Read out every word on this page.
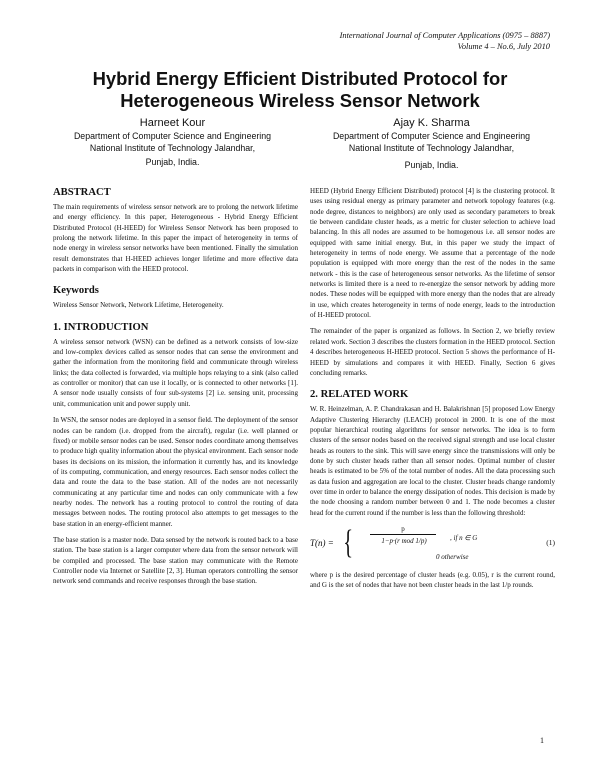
International Journal of Computer Applications (0975 – 8887)
Volume 4 – No.6, July 2010
Hybrid Energy Efficient Distributed Protocol for
Heterogeneous Wireless Sensor Network
Harneet Kour
Department of Computer Science and Engineering
National Institute of Technology Jalandhar,
Punjab, India.
Ajay K. Sharma
Department of Computer Science and Engineering
National Institute of Technology Jalandhar,
Punjab, India.
ABSTRACT

The main requirements of wireless sensor network are to prolong the network lifetime and energy efficiency. In this paper, Heterogeneous - Hybrid Energy Efficient Distributed Protocol (H-HEED) for Wireless Sensor Network has been proposed to prolong the network lifetime. In this paper the impact of heterogeneity in terms of node energy in wireless sensor networks have been mentioned. Finally the simulation result demonstrates that H-HEED achieves longer lifetime and more effective data packets in comparison with the HEED protocol.

Keywords

Wireless Sensor Network, Network Lifetime, Heterogeneity.

1. INTRODUCTION

A wireless sensor network (WSN) can be defined as a network consists of low-size and low-complex devices called as sensor nodes that can sense the environment and gather the information from the monitoring field and communicate through wireless links; the data collected is forwarded, via multiple hops relaying to a sink (also called as controller or monitor) that can use it locally, or is connected to other networks [1]. A sensor node usually consists of four sub-systems [2] i.e. sensing unit, processing unit, communication unit and power supply unit.

In WSN, the sensor nodes are deployed in a sensor field. The deployment of the sensor nodes can be random (i.e. dropped from the aircraft), regular (i.e. well planned or fixed) or mobile sensor nodes can be used. Sensor nodes coordinate among themselves to produce high quality information about the physical environment. Each sensor node bases its decisions on its mission, the information it currently has, and its knowledge of its computing, communication, and energy resources. Each sensor nodes collect the data and route the data to the base station. All of the nodes are not necessarily communicating at any particular time and nodes can only communicate with a few nearby nodes. The network has a routing protocol to control the routing of data messages between nodes. The routing protocol also attempts to get messages to the base station in an energy-efficient manner.

The base station is a master node. Data sensed by the network is routed back to a base station. The base station is a larger computer where data from the sensor network will be compiled and processed. The base station may communicate with the Remote Controller node via Internet or Satellite [2, 3]. Human operators controlling the sensor network send commands and receive responses through the base station.

HEED (Hybrid Energy Efficient Distributed) protocol [4] is the clustering protocol. It uses using residual energy as primary parameter and network topology features (e.g. node degree, distances to neighbors) are only used as secondary parameters to break tie between candidate cluster heads, as a metric for cluster selection to achieve load balancing. In this all nodes are assumed to be homogenous i.e. all sensor nodes are equipped with same initial energy. But, in this paper we study the impact of heterogeneity in terms of node energy. We assume that a percentage of the node population is equipped with more energy than the rest of the nodes in the same network - this is the case of heterogeneous sensor networks. As the lifetime of sensor networks is limited there is a need to re-energize the sensor network by adding more nodes. These nodes will be equipped with more energy than the nodes that are already in use, which creates heterogeneity in terms of node energy, leads to the introduction of H-HEED protocol.

The remainder of the paper is organized as follows. In Section 2, we briefly review related work. Section 3 describes the clusters formation in the HEED protocol. Section 4 describes heterogeneous H-HEED protocol. Section 5 shows the performance of H-HEED by simulations and compares it with HEED. Finally, Section 6 gives concluding remarks.

2. RELATED WORK

W. R. Heinzelman, A. P. Chandrakasan and H. Balakrishnan [5] proposed Low Energy Adaptive Clustering Hierarchy (LEACH) protocol in 2000. It is one of the most popular hierarchical routing algorithms for sensor networks. The idea is to form clusters of the sensor nodes based on the received signal strength and use local cluster heads as routers to the sink. This will save energy since the transmissions will only be done by such cluster heads rather than all sensor nodes. Optimal number of cluster heads is estimated to be 5% of the total number of nodes. All the data processing such as data fusion and aggregation are local to the cluster. Cluster heads change randomly over time in order to balance the energy dissipation of nodes. This decision is made by the node choosing a random number between 0 and 1. The node becomes a cluster head for the current round if the number is less than the following threshold:

T(n) = {	p
1−p·(r mod 1/p)	, if n ∈ G
0 otherwise
(1)

where p is the desired percentage of cluster heads (e.g. 0.05), r is the current round, and G is the set of nodes that have not been cluster heads in the last 1/p rounds.

1
